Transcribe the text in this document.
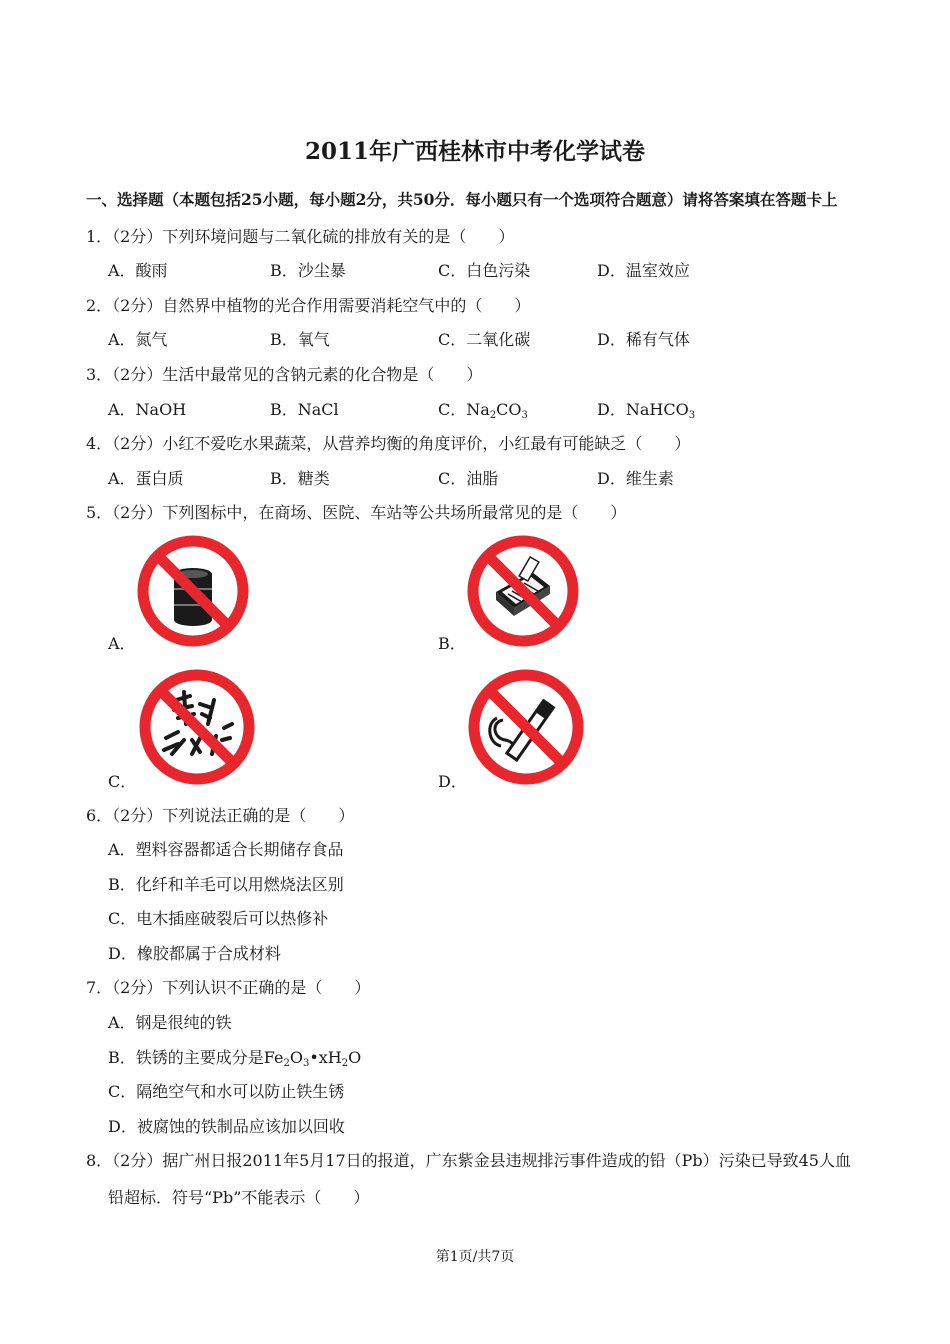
2011年广西桂林市中考化学试卷
一、选择题（本题包括25小题，每小题2分，共50分．每小题只有一个选项符合题意）请将答案填在答题卡上
1．（2分）下列环境问题与二氧化硫的排放有关的是（　　）
A．酸雨	B．沙尘暴	C．白色污染	D．温室效应
2．（2分）自然界中植物的光合作用需要消耗空气中的（　　）
A．氮气	B．氧气	C．二氧化碳	D．稀有气体
3．（2分）生活中最常见的含钠元素的化合物是（　　）
A．NaOH	B．NaCl	C．$Na_2CO_3$	D．NaHCO$_3$
4．（2分）小红不爱吃水果蔬菜，从营养均衡的角度评价，小红最有可能缺乏（　　）
A．蛋白质	B．糖类	C．油脂	D．维生素
5．（2分）下列图标中，在商场、医院、车站等公共场所最常见的是（　　）
A．	B．
C．	D．
6．（2分）下列说法正确的是（　　）
A．塑料容器都适合长期储存食品
B．化纤和羊毛可以用燃烧法区别
C．电木插座破裂后可以热修补
D．橡胶都属于合成材料
7．（2分）下列认识不正确的是（　　）
A．钢是很纯的铁
B．铁锈的主要成分是$Fe_2O_3•xH_2O$
C．隔绝空气和水可以防止铁生锈
D．被腐蚀的铁制品应该加以回收
8．（2分）据广州日报2011年5月17日的报道，广东紫金县违规排污事件造成的铅（Pb）污染已导致45人血
铅超标．符号“Pb”不能表示（　　）
第1页/共7页
